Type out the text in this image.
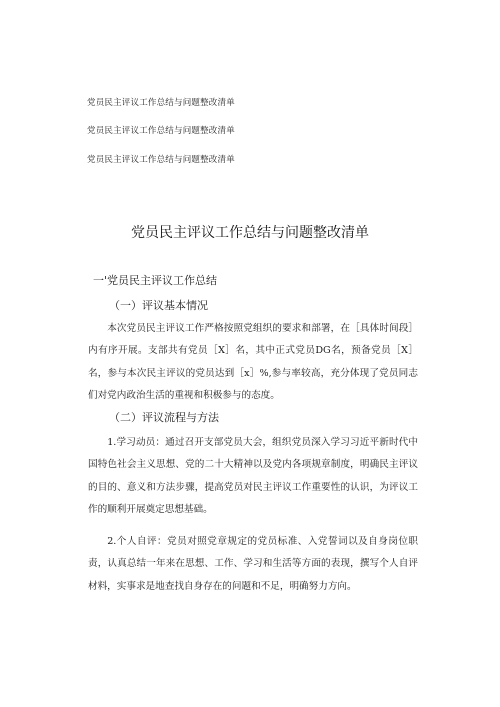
党员民主评议工作总结与问题整改清单
党员民主评议工作总结与问题整改清单
党员民主评议工作总结与问题整改清单
党员民主评议工作总结与问题整改清单
一'党员民主评议工作总结
（一）评议基本情况
本次党员民主评议工作严格按照党组织的要求和部署，在［具体时间段］内有序开展。支部共有党员［X］名，其中正式党员DG名，预备党员［X］名，参与本次民主评议的党员达到［x］%,参与率较高，充分体现了党员同志们对党内政治生活的重视和积极参与的态度。
（二）评议流程与方法
1.学习动员：通过召开支部党员大会，组织党员深入学习习近平新时代中国特色社会主义思想、党的二十大精神以及党内各项规章制度，明确民主评议的目的、意义和方法步骤，提高党员对民主评议工作重要性的认识，为评议工作的顺利开展奠定思想基础。
2.个人自评：党员对照党章规定的党员标准、入党誓词以及自身岗位职责，认真总结一年来在思想、工作、学习和生活等方面的表现，撰写个人自评材料，实事求是地查找自身存在的问题和不足，明确努力方向。
